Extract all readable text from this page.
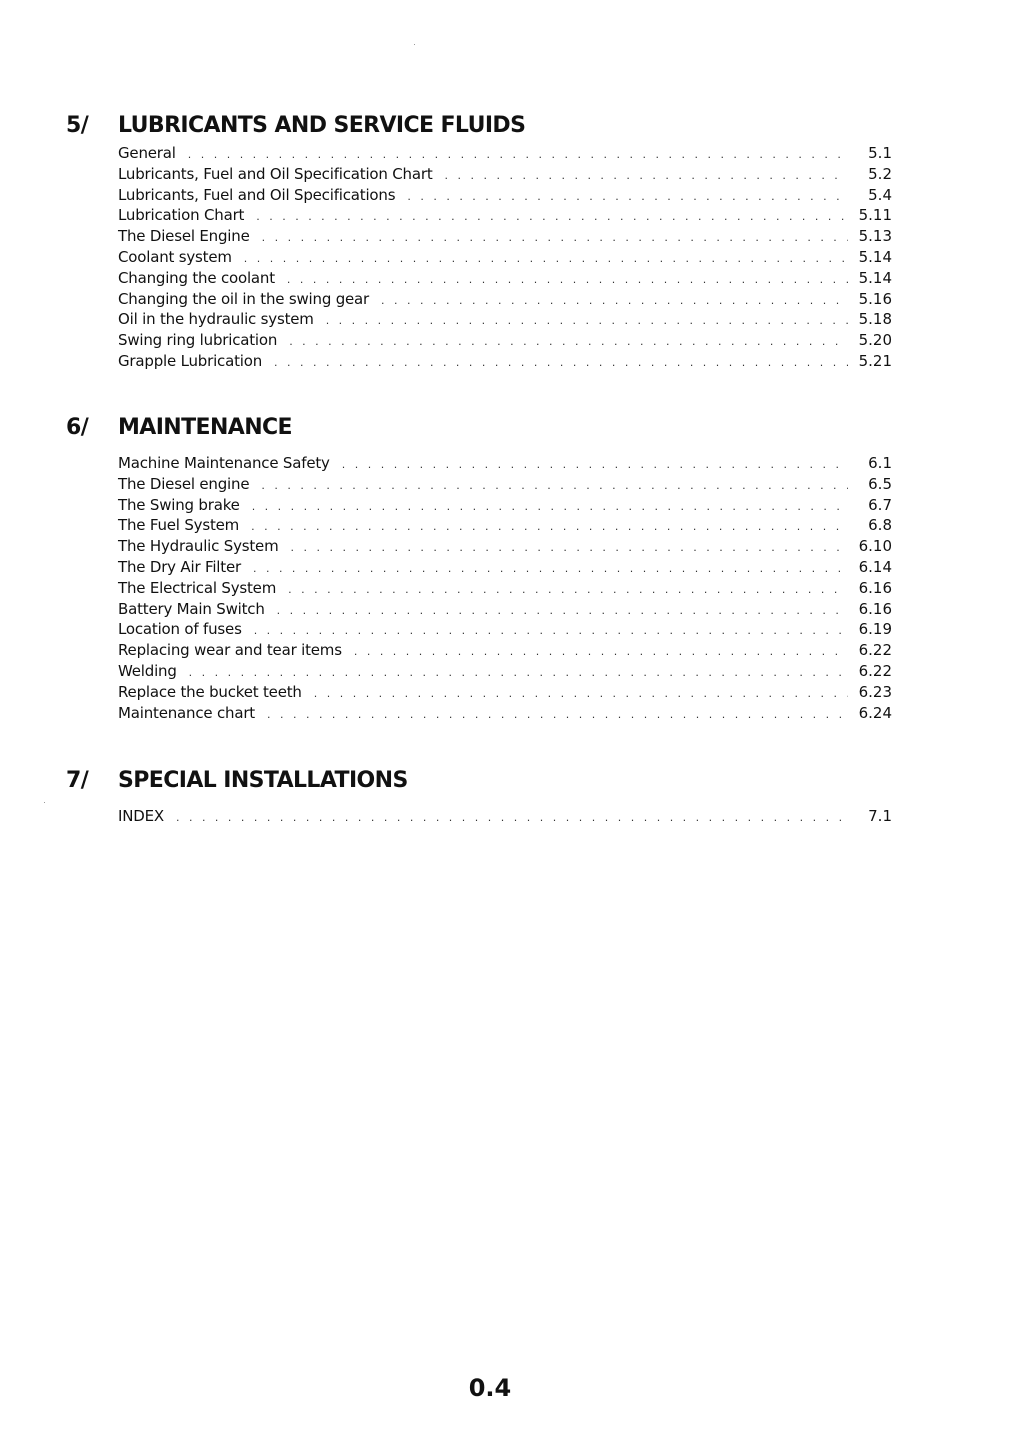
5/ LUBRICANTS AND SERVICE FLUIDS
General . . .	5.1
Lubricants, Fuel and Oil Specification Chart . . .	5.2
Lubricants, Fuel and Oil Specifications . . .	5.4
Lubrication Chart . . .	5.11
The Diesel Engine . . .	5.13
Coolant system . . .	5.14
Changing the coolant . . .	5.14
Changing the oil in the swing gear . . .	5.16
Oil in the hydraulic system . . .	5.18
Swing ring lubrication . . .	5.20
Grapple Lubrication . . .	5.21
6/ MAINTENANCE
Machine Maintenance Safety . . .	6.1
The Diesel engine . . .	6.5
The Swing brake . . .	6.7
The Fuel System . . .	6.8
The Hydraulic System . . .	6.10
The Dry Air Filter . . .	6.14
The Electrical System . . .	6.16
Battery Main Switch . . .	6.16
Location of fuses . . .	6.19
Replacing wear and tear items . . .	6.22
Welding . . .	6.22
Replace the bucket teeth . . .	6.23
Maintenance chart . . .	6.24
7/ SPECIAL INSTALLATIONS
INDEX . . .	7.1
0.4
